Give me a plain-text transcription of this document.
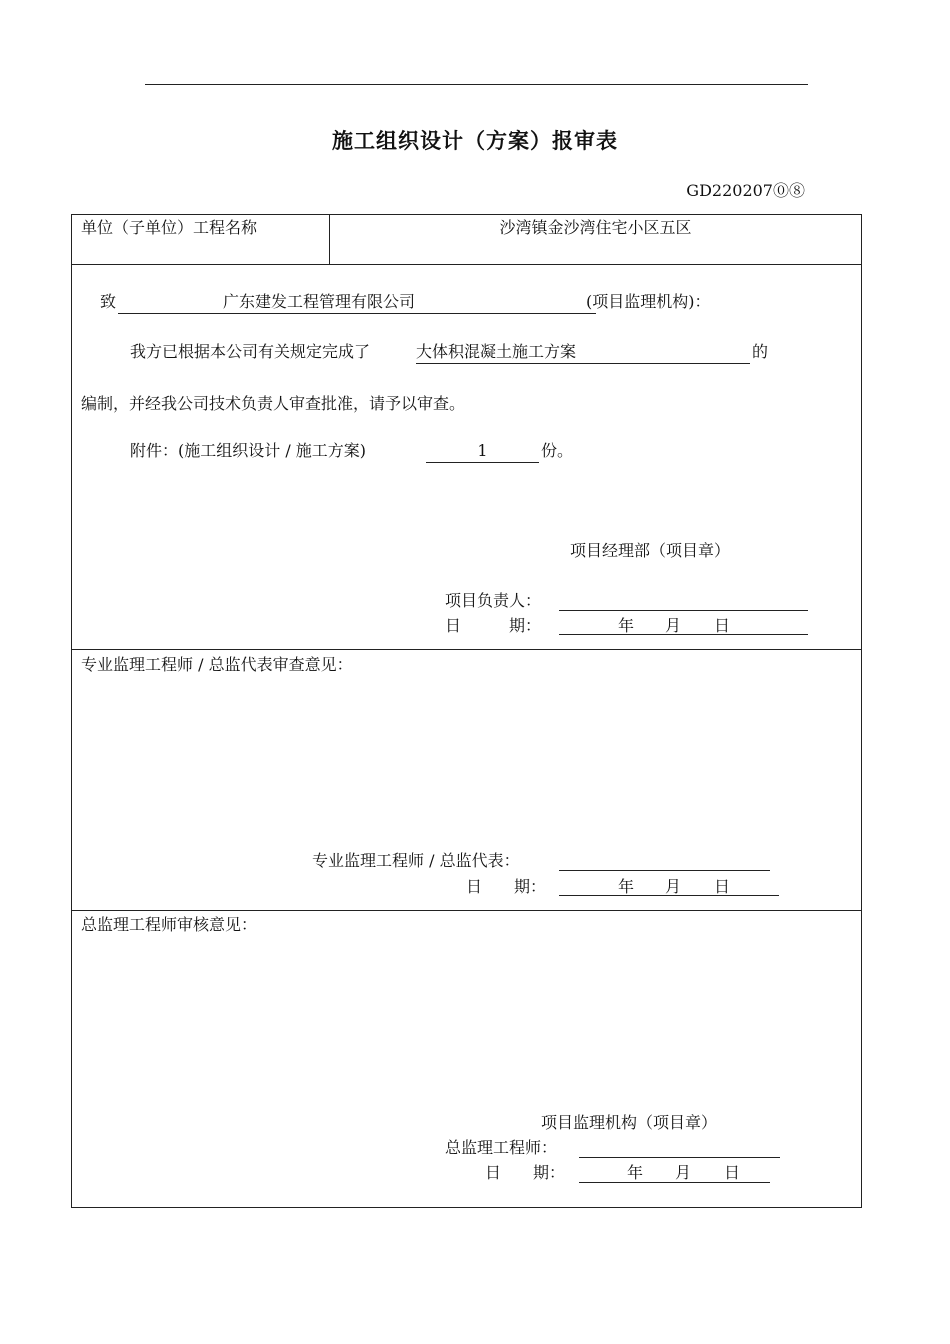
施工组织设计（方案）报审表
GD220207⓪⑧
单位（子单位）工程名称	沙湾镇金沙湾住宅小区五区
致	广东建发工程管理有限公司	(项目监理机构)：
我方已根据本公司有关规定完成了	大体积混凝土施工方案	的
编制，并经我公司技术负责人审查批准，请予以审查。
附件：(施工组织设计 / 施工方案)	1	份。
项目经理部（项目章）
项目负责人：
日　　　期：	年 月 日
专业监理工程师 / 总监代表审查意见：
专业监理工程师 / 总监代表：
日　　期：	年 月 日
总监理工程师审核意见：
项目监理机构（项目章）
总监理工程师：
日　　期：	年 月 日
